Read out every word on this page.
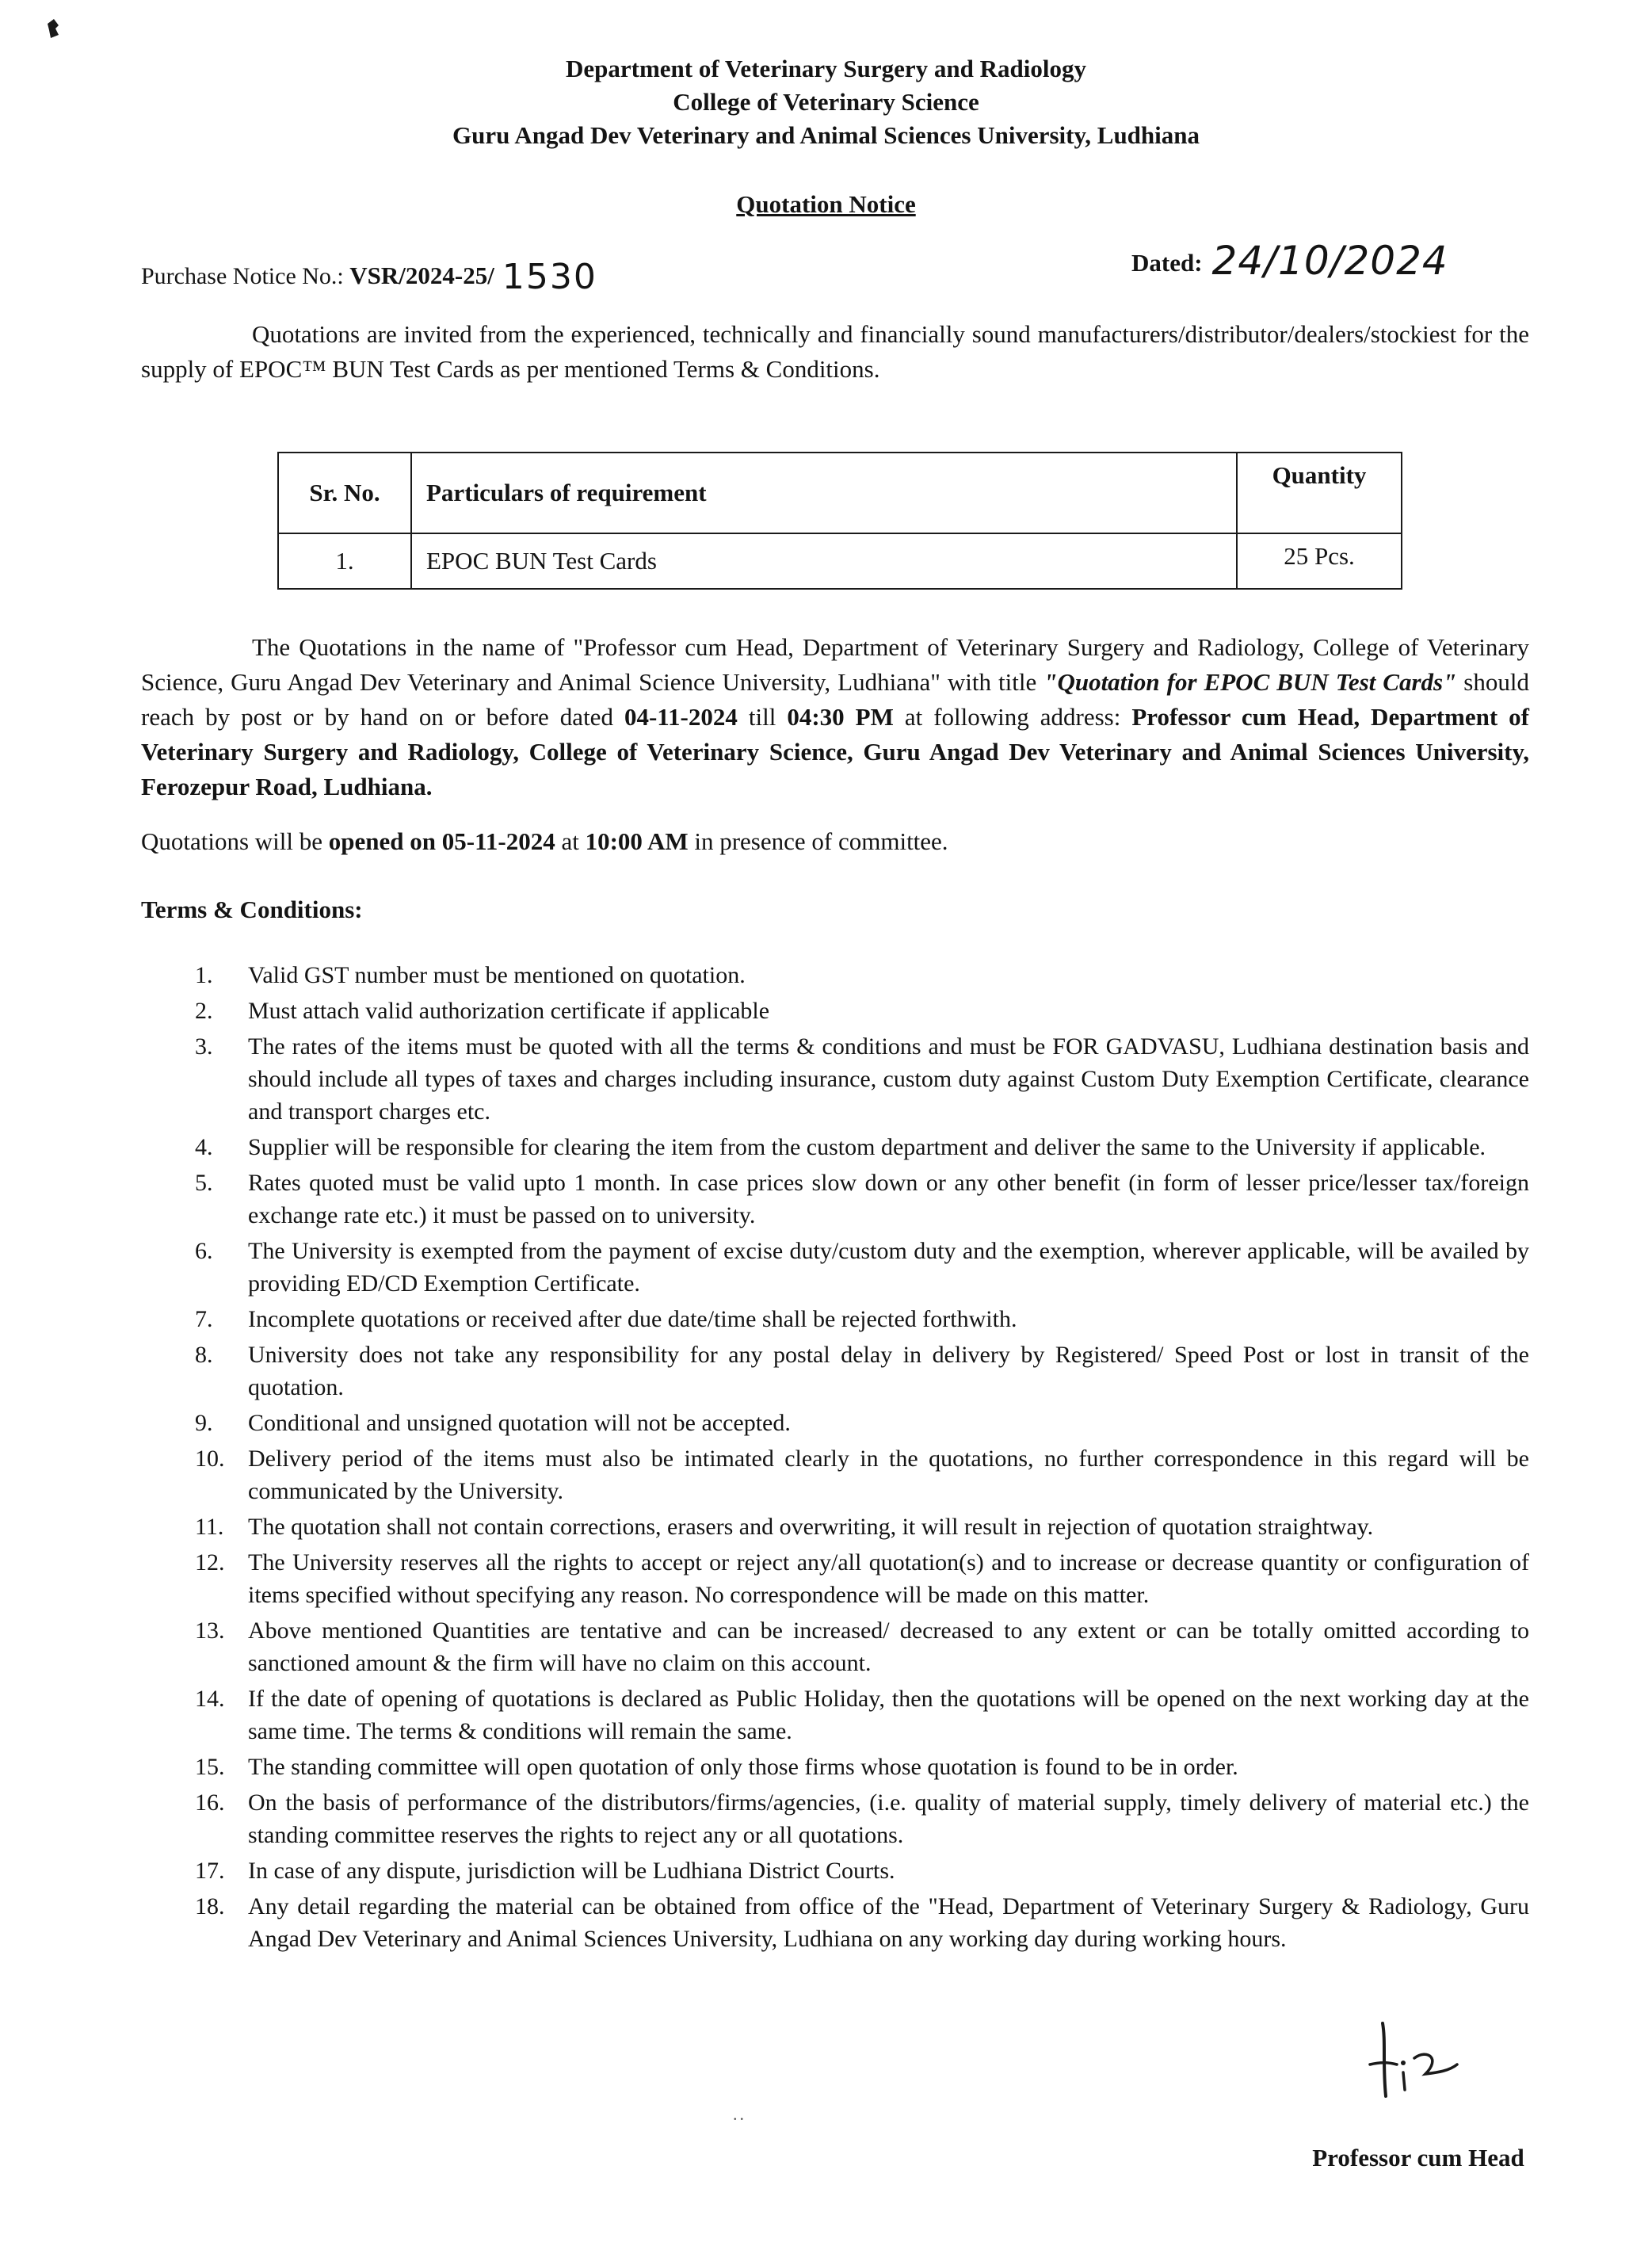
Department of Veterinary Surgery and Radiology
College of Veterinary Science
Guru Angad Dev Veterinary and Animal Sciences University, Ludhiana
Quotation Notice
Purchase Notice No.: VSR/2024-25/ 1530	Dated: 24/10/2024
Quotations are invited from the experienced, technically and financially sound manufacturers/distributor/dealers/stockiest for the supply of EPOC™ BUN Test Cards as per mentioned Terms & Conditions.
Sr. No.	Particulars of requirement	Quantity
1.	EPOC BUN Test Cards	25 Pcs.
The Quotations in the name of "Professor cum Head, Department of Veterinary Surgery and Radiology, College of Veterinary Science, Guru Angad Dev Veterinary and Animal Science University, Ludhiana" with title "Quotation for EPOC BUN Test Cards" should reach by post or by hand on or before dated 04-11-2024 till 04:30 PM at following address: Professor cum Head, Department of Veterinary Surgery and Radiology, College of Veterinary Science, Guru Angad Dev Veterinary and Animal Sciences University, Ferozepur Road, Ludhiana.
Quotations will be opened on 05-11-2024 at 10:00 AM in presence of committee.
Terms & Conditions:
1.	Valid GST number must be mentioned on quotation.
2.	Must attach valid authorization certificate if applicable
3.	The rates of the items must be quoted with all the terms & conditions and must be FOR GADVASU, Ludhiana destination basis and should include all types of taxes and charges including insurance, custom duty against Custom Duty Exemption Certificate, clearance and transport charges etc.
4.	Supplier will be responsible for clearing the item from the custom department and deliver the same to the University if applicable.
5.	Rates quoted must be valid upto 1 month. In case prices slow down or any other benefit (in form of lesser price/lesser tax/foreign exchange rate etc.) it must be passed on to university.
6.	The University is exempted from the payment of excise duty/custom duty and the exemption, wherever applicable, will be availed by providing ED/CD Exemption Certificate.
7.	Incomplete quotations or received after due date/time shall be rejected forthwith.
8.	University does not take any responsibility for any postal delay in delivery by Registered/ Speed Post or lost in transit of the quotation.
9.	Conditional and unsigned quotation will not be accepted.
10. Delivery period of the items must also be intimated clearly in the quotations, no further correspondence in this regard will be communicated by the University.
11.	The quotation shall not contain corrections, erasers and overwriting, it will result in rejection of quotation straightway.
12. The University reserves all the rights to accept or reject any/all quotation(s) and to increase or decrease quantity or configuration of items specified without specifying any reason. No correspondence will be made on this matter.
13. Above mentioned Quantities are tentative and can be increased/ decreased to any extent or can be totally omitted according to sanctioned amount & the firm will have no claim on this account.
14. If the date of opening of quotations is declared as Public Holiday, then the quotations will be opened on the next working day at the same time. The terms & conditions will remain the same.
15. The standing committee will open quotation of only those firms whose quotation is found to be in order.
16. On the basis of performance of the distributors/firms/agencies, (i.e. quality of material supply, timely delivery of material etc.) the standing committee reserves the rights to reject any or all quotations.
17. In case of any dispute, jurisdiction will be Ludhiana District Courts.
18. Any detail regarding the material can be obtained from office of the "Head, Department of Veterinary Surgery & Radiology, Guru Angad Dev Veterinary and Animal Sciences University, Ludhiana on any working day during working hours.
..
Professor cum Head
